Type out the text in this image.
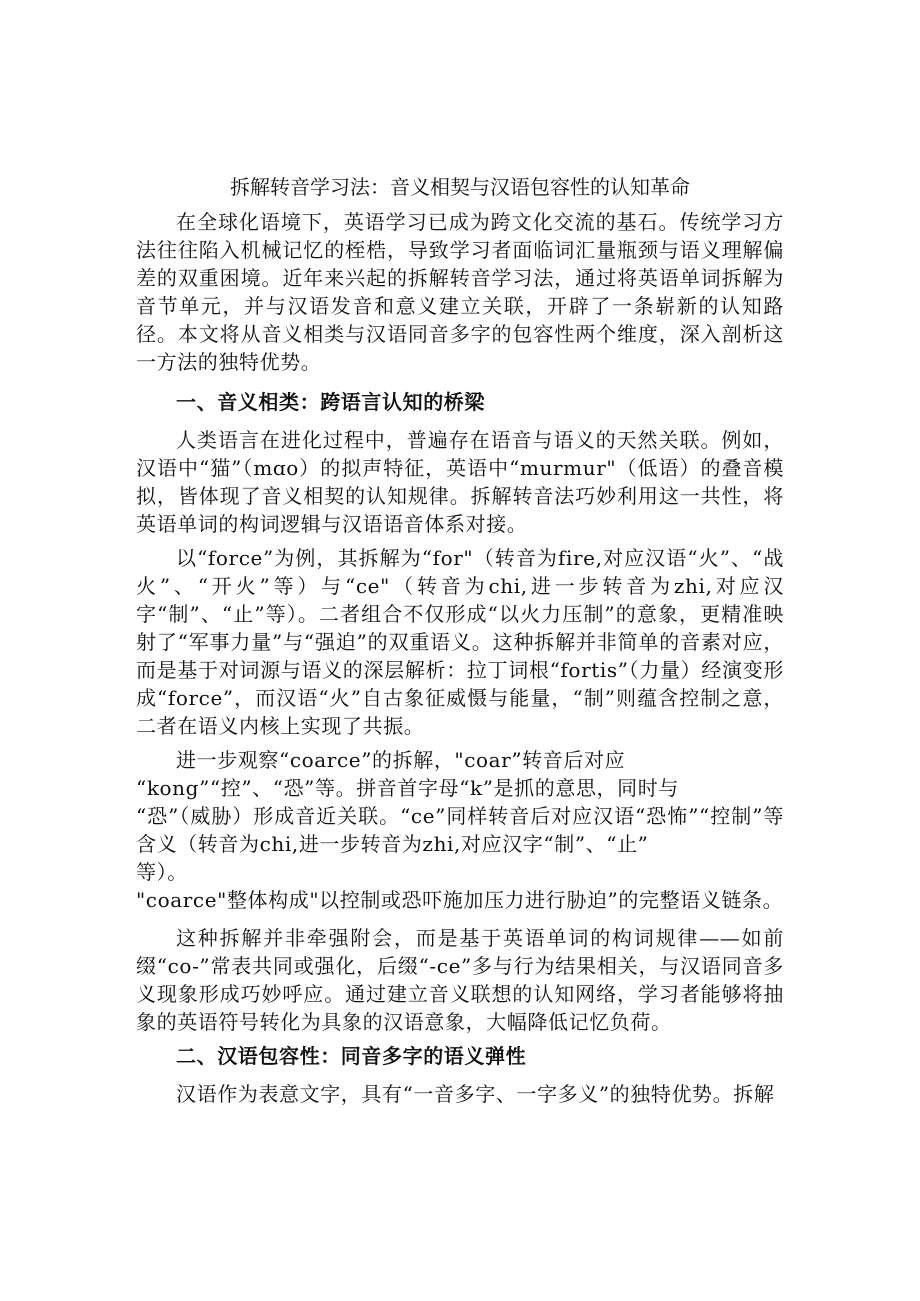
拆解转音学习法：音义相契与汉语包容性的认知革命

在全球化语境下，英语学习已成为跨文化交流的基石。传统学习方法往往陷入机械记忆的桎梏，导致学习者面临词汇量瓶颈与语义理解偏差的双重困境。近年来兴起的拆解转音学习法，通过将英语单词拆解为音节单元，并与汉语发音和意义建立关联，开辟了一条崭新的认知路径。本文将从音义相类与汉语同音多字的包容性两个维度，深入剖析这一方法的独特优势。

一、音义相类：跨语言认知的桥梁

人类语言在进化过程中，普遍存在语音与语义的天然关联。例如，汉语中“猫”（mɑo）的拟声特征，英语中“murmur"（低语）的叠音模拟，皆体现了音义相契的认知规律。拆解转音法巧妙利用这一共性，将英语单词的构词逻辑与汉语语音体系对接。

以“force”为例，其拆解为“for"（转音为fire,对应汉语“火”、“战火”、“开火”等）与“ce"（转音为chi,进一步转音为zhi,对应汉字“制”、“止”等）。二者组合不仅形成“以火力压制”的意象，更精准映射了“军事力量”与“强迫”的双重语义。这种拆解并非简单的音素对应，而是基于对词源与语义的深层解析：拉丁词根“fortis”（力量）经演变形成“force”，而汉语“火”自古象征威慑与能量，“制”则蕴含控制之意，二者在语义内核上实现了共振。

进一步观察“coarce”的拆解，"coar”转音后对应

“kong”“控”、“恐”等。拼音首字母“k”是抓的意思，同时与

“恐”（威胁）形成音近关联。“ce”同样转音后对应汉语“恐怖”“控制”等含义（转音为chi,进一步转音为zhi,对应汉字“制”、“止”

等）。

"coarce"整体构成"以控制或恐吓施加压力进行胁迫”的完整语义链条。

这种拆解并非牵强附会，而是基于英语单词的构词规律——如前缀“co-”常表共同或强化，后缀“-ce”多与行为结果相关，与汉语同音多义现象形成巧妙呼应。通过建立音义联想的认知网络，学习者能够将抽象的英语符号转化为具象的汉语意象，大幅降低记忆负荷。

二、汉语包容性：同音多字的语义弹性

汉语作为表意文字，具有“一音多字、一字多义”的独特优势。拆解
